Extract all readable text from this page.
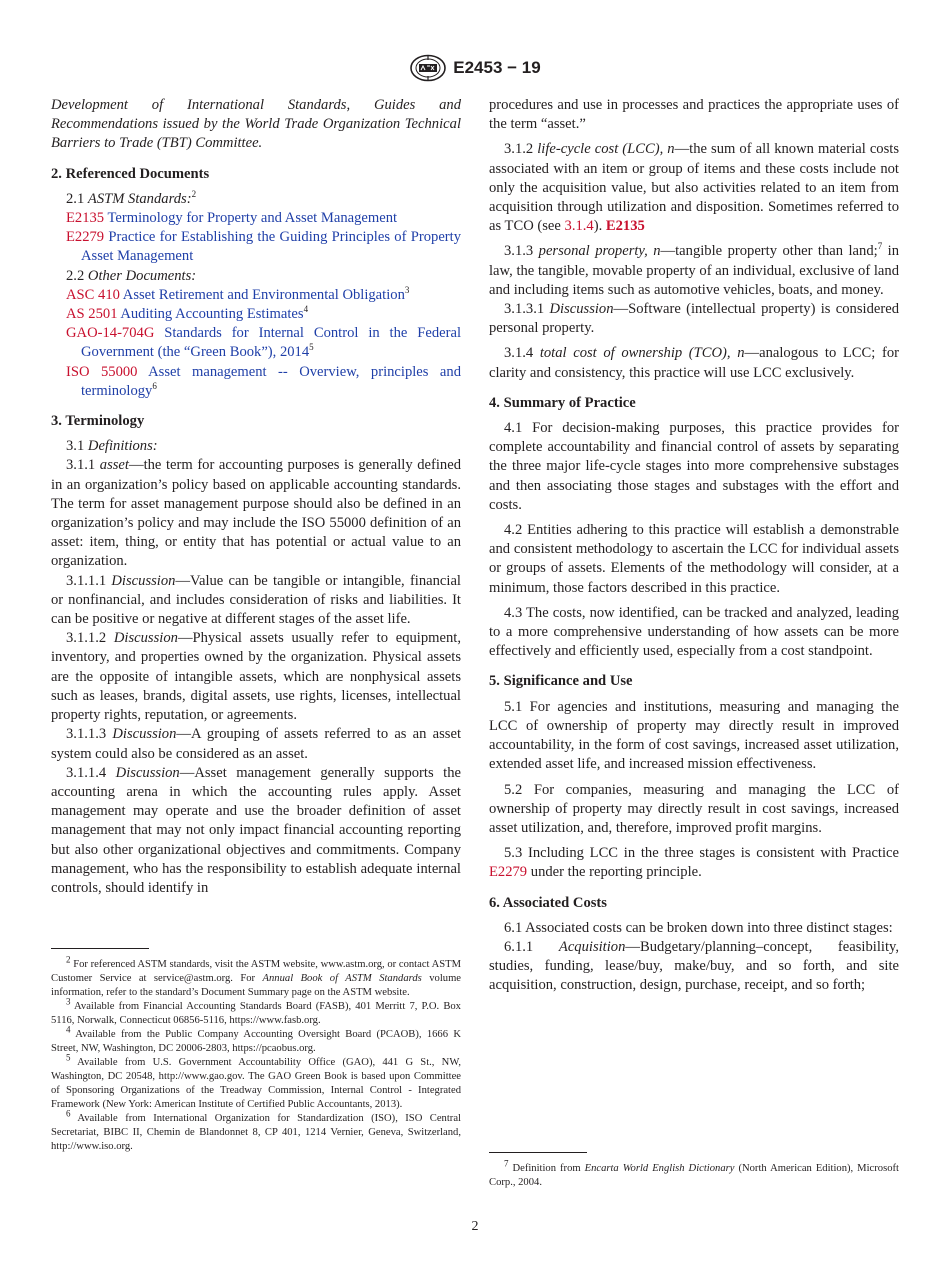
E2453 − 19

Development of International Standards, Guides and Recommendations issued by the World Trade Organization Technical Barriers to Trade (TBT) Committee.

2. Referenced Documents

2.1 ASTM Standards:$^2$

E2135 Terminology for Property and Asset Management

E2279 Practice for Establishing the Guiding Principles of Property Asset Management

2.2 Other Documents:

ASC 410 Asset Retirement and Environmental Obligation$^3$

AS 2501 Auditing Accounting Estimates$^4$

GAO-14-704G Standards for Internal Control in the Federal Government (the “Green Book”), 2014$^5$

ISO 55000 Asset management -- Overview, principles and terminology$^6$

3. Terminology

3.1 Definitions:

3.1.1 asset—the term for accounting purposes is generally defined in an organization’s policy based on applicable accounting standards. The term for asset management purpose should also be defined in an organization’s policy and may include the ISO 55000 definition of an asset: item, thing, or entity that has potential or actual value to an organization.

3.1.1.1 Discussion—Value can be tangible or intangible, financial or nonfinancial, and includes consideration of risks and liabilities. It can be positive or negative at different stages of the asset life.

3.1.1.2 Discussion—Physical assets usually refer to equipment, inventory, and properties owned by the organization. Physical assets are the opposite of intangible assets, which are nonphysical assets such as leases, brands, digital assets, use rights, licenses, intellectual property rights, reputation, or agreements.

3.1.1.3 Discussion—A grouping of assets referred to as an asset system could also be considered as an asset.

3.1.1.4 Discussion—Asset management generally supports the accounting arena in which the accounting rules apply. Asset management may operate and use the broader definition of asset management that may not only impact financial accounting reporting but also other organizational objectives and commitments. Company management, who has the responsibility to establish adequate internal controls, should identify in

$^2$ For referenced ASTM standards, visit the ASTM website, www.astm.org, or contact ASTM Customer Service at service@astm.org. For Annual Book of ASTM Standards volume information, refer to the standard’s Document Summary page on the ASTM website.

$^3$ Available from Financial Accounting Standards Board (FASB), 401 Merritt 7, P.O. Box 5116, Norwalk, Connecticut 06856-5116, https://www.fasb.org.

$^4$ Available from the Public Company Accounting Oversight Board (PCAOB), 1666 K Street, NW, Washington, DC 20006-2803, https://pcaobus.org.

$^5$ Available from U.S. Government Accountability Office (GAO), 441 G St., NW, Washington, DC 20548, http://www.gao.gov. The GAO Green Book is based upon Committee of Sponsoring Organizations of the Treadway Commission, Internal Control - Integrated Framework (New York: American Institute of Certified Public Accountants, 2013).

$^6$ Available from International Organization for Standardization (ISO), ISO Central Secretariat, BIBC II, Chemin de Blandonnet 8, CP 401, 1214 Vernier, Geneva, Switzerland, http://www.iso.org.

procedures and use in processes and practices the appropriate uses of the term “asset.”

3.1.2 life-cycle cost (LCC), n—the sum of all known material costs associated with an item or group of items and these costs include not only the acquisition value, but also activities related to an item from acquisition through utilization and disposition. Sometimes referred to as TCO (see 3.1.4). E2135

3.1.3 personal property, n—tangible property other than land;$^7$ in law, the tangible, movable property of an individual, exclusive of land and including items such as automotive vehicles, boats, and money.

3.1.3.1 Discussion—Software (intellectual property) is considered personal property.

3.1.4 total cost of ownership (TCO), n—analogous to LCC; for clarity and consistency, this practice will use LCC exclusively.

4. Summary of Practice

4.1 For decision-making purposes, this practice provides for complete accountability and financial control of assets by separating the three major life-cycle stages into more comprehensive substages and then associating those stages and substages with the effort and costs.

4.2 Entities adhering to this practice will establish a demonstrable and consistent methodology to ascertain the LCC for individual assets or groups of assets. Elements of the methodology will consider, at a minimum, those factors described in this practice.

4.3 The costs, now identified, can be tracked and analyzed, leading to a more comprehensive understanding of how assets can be more effectively and efficiently used, especially from a cost standpoint.

5. Significance and Use

5.1 For agencies and institutions, measuring and managing the LCC of ownership of property may directly result in improved accountability, in the form of cost savings, increased asset utilization, extended asset life, and increased mission effectiveness.

5.2 For companies, measuring and managing the LCC of ownership of property may directly result in cost savings, increased asset utilization, and, therefore, improved profit margins.

5.3 Including LCC in the three stages is consistent with Practice E2279 under the reporting principle.

6. Associated Costs

6.1 Associated costs can be broken down into three distinct stages:

6.1.1 Acquisition—Budgetary/planning–concept, feasibility, studies, funding, lease/buy, make/buy, and so forth, and site acquisition, construction, design, purchase, receipt, and so forth;

$^7$ Definition from Encarta World English Dictionary (North American Edition), Microsoft Corp., 2004.

2
